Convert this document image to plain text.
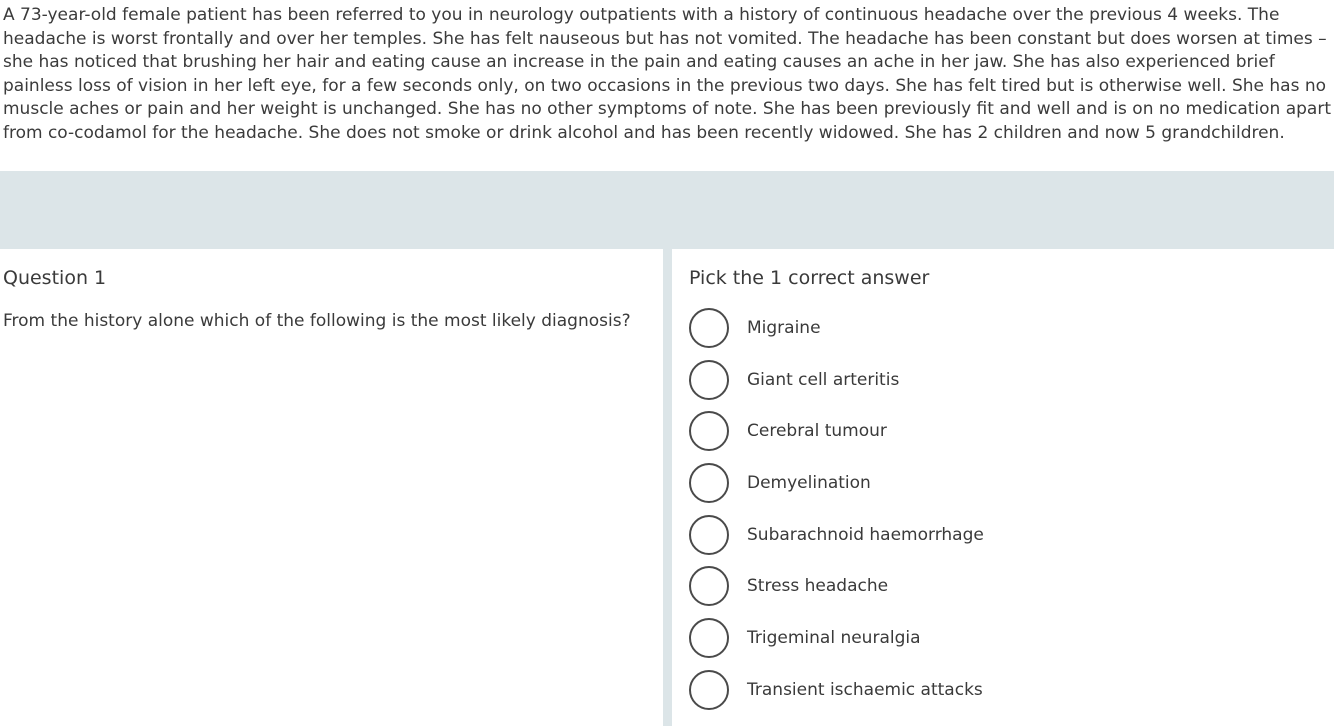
A 73-year-old female patient has been referred to you in neurology outpatients with a history of continuous headache over the previous 4 weeks. The headache is worst frontally and over her temples. She has felt nauseous but has not vomited. The headache has been constant but does worsen at times – she has noticed that brushing her hair and eating cause an increase in the pain and eating causes an ache in her jaw. She has also experienced brief painless loss of vision in her left eye, for a few seconds only, on two occasions in the previous two days. She has felt tired but is otherwise well. She has no muscle aches or pain and her weight is unchanged. She has no other symptoms of note. She has been previously fit and well and is on no medication apart from co-codamol for the headache. She does not smoke or drink alcohol and has been recently widowed. She has 2 children and now 5 grandchildren.

Question 1
From the history alone which of the following is the most likely diagnosis?
Pick the 1 correct answer
Migraine
Giant cell arteritis
Cerebral tumour
Demyelination
Subarachnoid haemorrhage
Stress headache
Trigeminal neuralgia
Transient ischaemic attacks
